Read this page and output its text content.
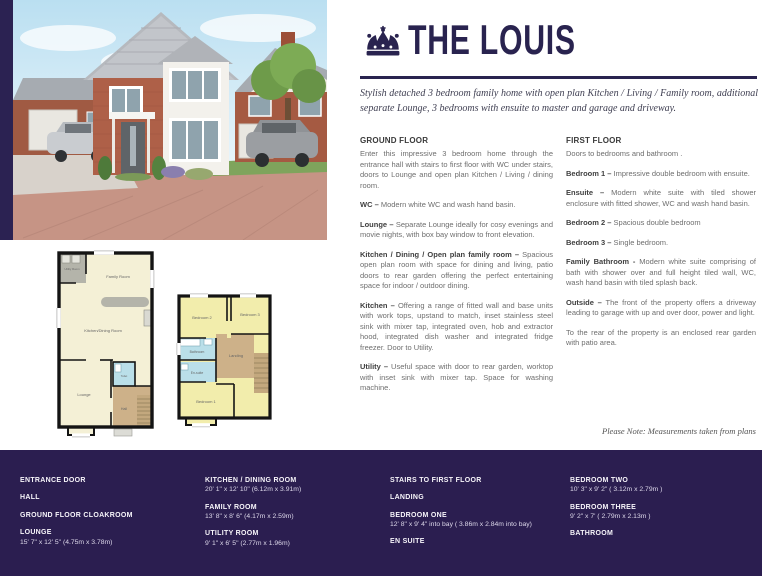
Utility Room
Family Room
Kitchen/Dining Room
Lounge
Toilet
Hall
Bedroom 2
Bedroom 3
Bathroom
En-suite
Landing
Bedroom 1
THE LOUIS
Stylish detached 3 bedroom family home with open plan Kitchen / Living / Family room, additional separate Lounge, 3 bedrooms with ensuite to master and garage and driveway.
GROUND FLOOR

Enter this impressive 3 bedroom home through the entrance hall with stairs to first floor with WC under stairs, doors to Lounge and open plan Kitchen / Living / dining room.

WC – Modern white WC and wash hand basin.

Lounge – Separate Lounge ideally for cosy evenings and movie nights, with box bay window to front elevation.

Kitchen / Dining / Open plan family room – Spacious open plan room with space for dining and living, patio doors to rear garden offering the perfect entertaining space for indoor / outdoor dining.

Kitchen – Offering a range of fitted wall and base units with work tops, upstand to match, inset stainless steel sink with mixer tap, integrated oven, hob and extractor hood, integrated dish washer and integrated fridge freezer. Door to Utility.

Utility – Useful space with door to rear garden, worktop with inset sink with mixer tap. Space for washing machine.

FIRST FLOOR

Doors to bedrooms and bathroom .

Bedroom 1 – Impressive double bedroom with ensuite.

Ensuite – Modern white suite with tiled shower enclosure with fitted shower, WC and wash hand basin.

Bedroom 2 – Spacious double bedroom

Bedroom 3 – Single bedroom.

Family Bathroom - Modern white suite comprising of bath with shower over and full height tiled wall, WC, wash hand basin with tiled splash back.

Outside – The front of the property offers a driveway leading to garage with up and over door, power and light.

To the rear of the property is an enclosed rear garden with patio area.

Please Note: Measurements taken from plans
ENTRANCE DOOR
HALL
GROUND FLOOR CLOAKROOM
LOUNGE
15' 7" x 12' 5" (4.75m x 3.78m)
KITCHEN / DINING ROOM
20' 1" x 12' 10" (6.12m x 3.91m)
FAMILY ROOM
13' 8" x 8' 6" (4.17m x 2.59m)
UTILITY ROOM
9' 1" x 6' 5" (2.77m x 1.96m)
STAIRS TO FIRST FLOOR
LANDING
BEDROOM ONE
12' 8" x 9' 4" into bay ( 3.86m x 2.84m into bay)
EN SUITE
BEDROOM TWO
10' 3" x 9' 2" ( 3.12m x 2.79m )
BEDROOM THREE
9' 2" x 7' ( 2.79m x 2.13m )
BATHROOM
